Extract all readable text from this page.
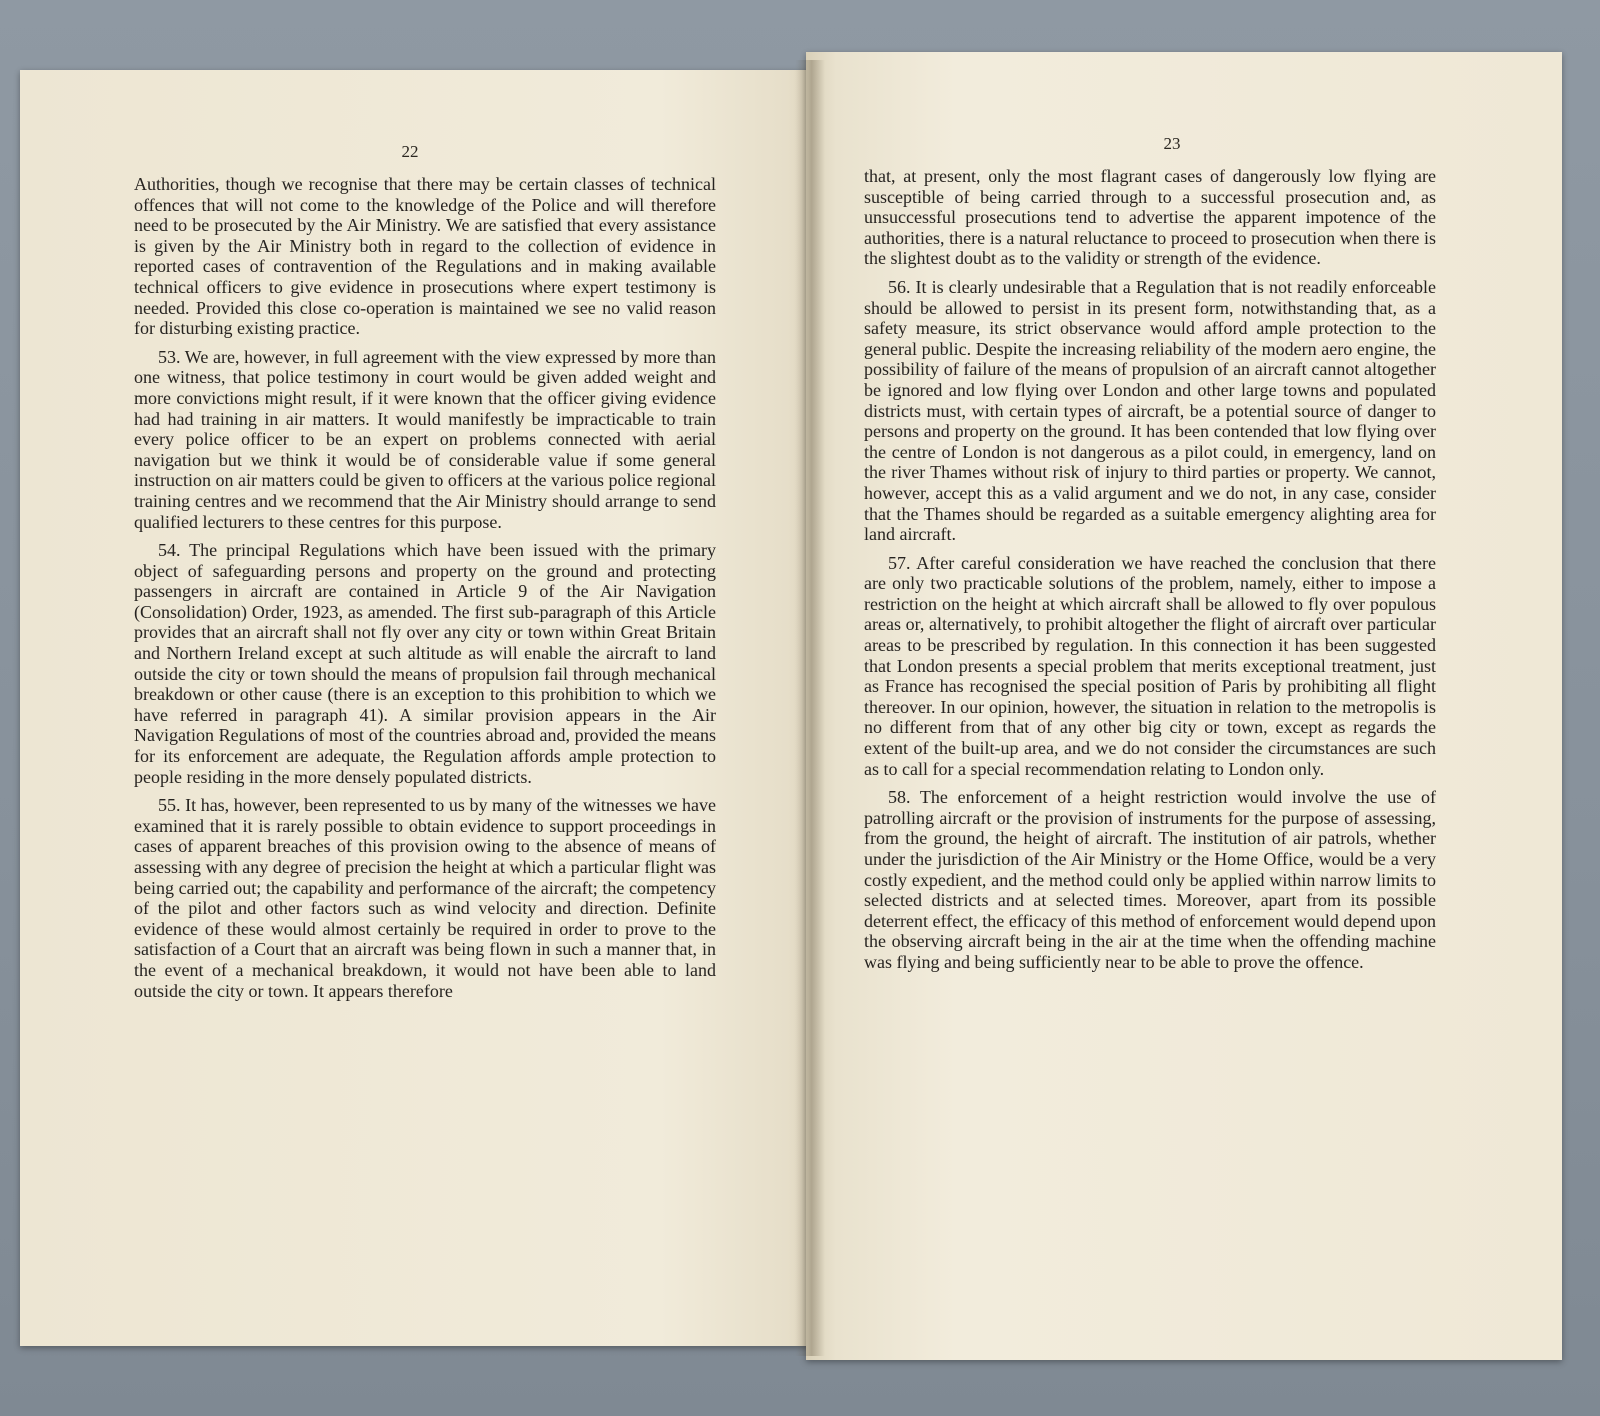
22

Authorities, though we recognise that there may be certain classes of technical offences that will not come to the knowledge of the Police and will therefore need to be prosecuted by the Air Ministry. We are satisfied that every assistance is given by the Air Ministry both in regard to the collection of evidence in reported cases of contravention of the Regulations and in making available technical officers to give evidence in prosecutions where expert testimony is needed. Provided this close co-operation is maintained we see no valid reason for disturbing existing practice.

53. We are, however, in full agreement with the view expressed by more than one witness, that police testimony in court would be given added weight and more convictions might result, if it were known that the officer giving evidence had had training in air matters. It would manifestly be impracticable to train every police officer to be an expert on problems connected with aerial navigation but we think it would be of considerable value if some general instruction on air matters could be given to officers at the various police regional training centres and we recommend that the Air Ministry should arrange to send qualified lecturers to these centres for this purpose.

54. The principal Regulations which have been issued with the primary object of safeguarding persons and property on the ground and protecting passengers in aircraft are contained in Article 9 of the Air Navigation (Consolidation) Order, 1923, as amended. The first sub-paragraph of this Article provides that an aircraft shall not fly over any city or town within Great Britain and Northern Ireland except at such altitude as will enable the aircraft to land outside the city or town should the means of propulsion fail through mechanical breakdown or other cause (there is an exception to this prohibition to which we have referred in paragraph 41). A similar provision appears in the Air Navigation Regulations of most of the countries abroad and, provided the means for its enforcement are adequate, the Regulation affords ample protection to people residing in the more densely populated districts.

55. It has, however, been represented to us by many of the witnesses we have examined that it is rarely possible to obtain evidence to support proceedings in cases of apparent breaches of this provision owing to the absence of means of assessing with any degree of precision the height at which a particular flight was being carried out; the capability and performance of the aircraft; the competency of the pilot and other factors such as wind velocity and direction. Definite evidence of these would almost certainly be required in order to prove to the satisfaction of a Court that an aircraft was being flown in such a manner that, in the event of a mechanical breakdown, it would not have been able to land outside the city or town. It appears therefore

23

that, at present, only the most flagrant cases of dangerously low flying are susceptible of being carried through to a successful prosecution and, as unsuccessful prosecutions tend to advertise the apparent impotence of the authorities, there is a natural reluctance to proceed to prosecution when there is the slightest doubt as to the validity or strength of the evidence.

56. It is clearly undesirable that a Regulation that is not readily enforceable should be allowed to persist in its present form, notwithstanding that, as a safety measure, its strict observance would afford ample protection to the general public. Despite the increasing reliability of the modern aero engine, the possibility of failure of the means of propulsion of an aircraft cannot altogether be ignored and low flying over London and other large towns and populated districts must, with certain types of aircraft, be a potential source of danger to persons and property on the ground. It has been contended that low flying over the centre of London is not dangerous as a pilot could, in emergency, land on the river Thames without risk of injury to third parties or property. We cannot, however, accept this as a valid argument and we do not, in any case, consider that the Thames should be regarded as a suitable emergency alighting area for land aircraft.

57. After careful consideration we have reached the conclusion that there are only two practicable solutions of the problem, namely, either to impose a restriction on the height at which aircraft shall be allowed to fly over populous areas or, alternatively, to prohibit altogether the flight of aircraft over particular areas to be prescribed by regulation. In this connection it has been suggested that London presents a special problem that merits exceptional treatment, just as France has recognised the special position of Paris by prohibiting all flight thereover. In our opinion, however, the situation in relation to the metropolis is no different from that of any other big city or town, except as regards the extent of the built-up area, and we do not consider the circumstances are such as to call for a special recommendation relating to London only.

58. The enforcement of a height restriction would involve the use of patrolling aircraft or the provision of instruments for the purpose of assessing, from the ground, the height of aircraft. The institution of air patrols, whether under the jurisdiction of the Air Ministry or the Home Office, would be a very costly expedient, and the method could only be applied within narrow limits to selected districts and at selected times. Moreover, apart from its possible deterrent effect, the efficacy of this method of enforcement would depend upon the observing aircraft being in the air at the time when the offending machine was flying and being sufficiently near to be able to prove the offence.
